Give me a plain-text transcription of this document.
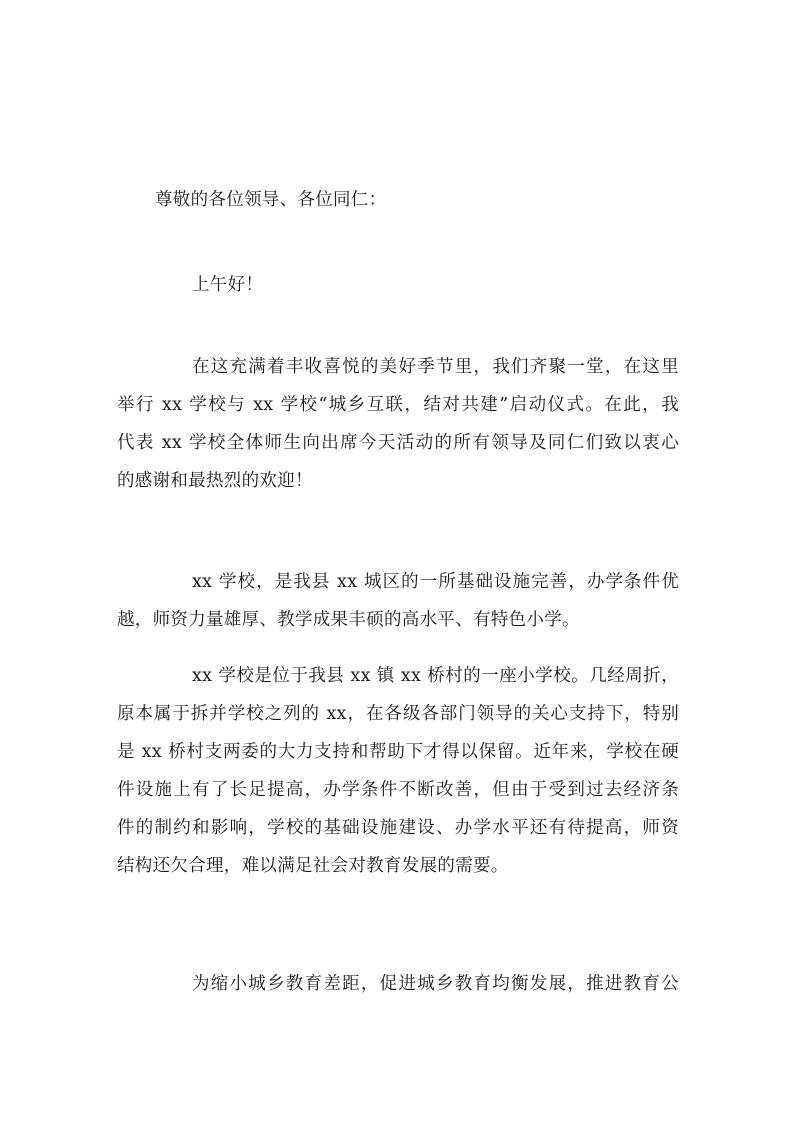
尊敬的各位领导、各位同仁：
上午好！
在这充满着丰收喜悦的美好季节里，我们齐聚一堂，在这里
举行 xx 学校与 xx 学校“城乡互联，结对共建”启动仪式。在此，我
代表 xx 学校全体师生向出席今天活动的所有领导及同仁们致以衷心
的感谢和最热烈的欢迎！
xx 学校，是我县 xx 城区的一所基础设施完善，办学条件优
越，师资力量雄厚、教学成果丰硕的高水平、有特色小学。
xx 学校是位于我县 xx 镇 xx 桥村的一座小学校。几经周折，
原本属于拆并学校之列的 xx，在各级各部门领导的关心支持下，特别
是 xx 桥村支两委的大力支持和帮助下才得以保留。近年来，学校在硬
件设施上有了长足提高，办学条件不断改善，但由于受到过去经济条
件的制约和影响，学校的基础设施建设、办学水平还有待提高，师资
结构还欠合理，难以满足社会对教育发展的需要。
为缩小城乡教育差距，促进城乡教育均衡发展，推进教育公
